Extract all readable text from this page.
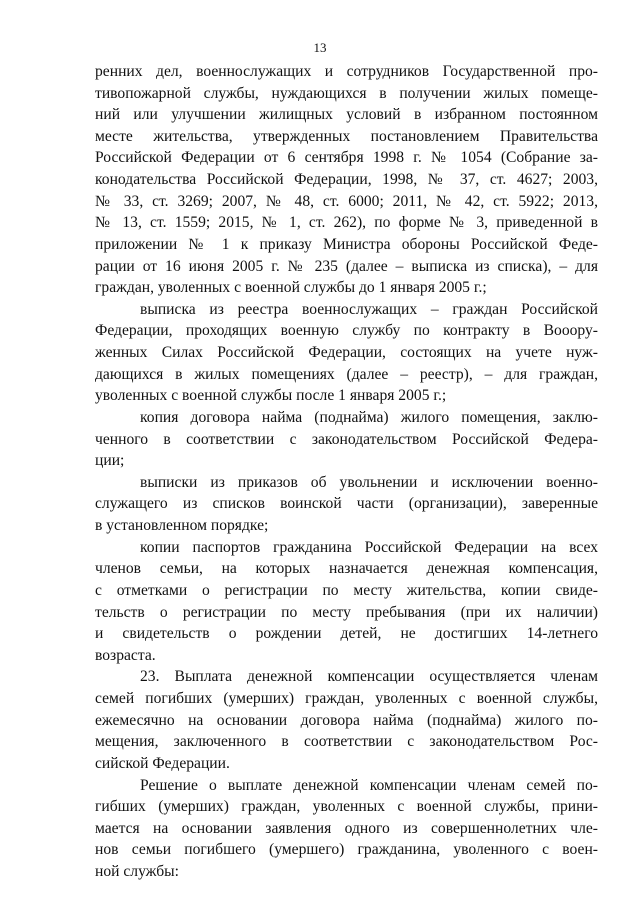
13
ренних дел, военнослужащих и сотрудников Государственной про-
тивопожарной службы, нуждающихся в получении жилых помеще-
ний или улучшении жилищных условий в избранном постоянном
месте жительства, утвержденных постановлением Правительства
Российской Федерации от 6 сентября 1998 г. № 1054 (Собрание за-
конодательства Российской Федерации, 1998, № 37, ст. 4627; 2003,
№ 33, ст. 3269; 2007, № 48, ст. 6000; 2011, № 42, ст. 5922; 2013,
№ 13, ст. 1559; 2015, № 1, ст. 262), по форме № 3, приведенной в
приложении № 1 к приказу Министра обороны Российской Феде-
рации от 16 июня 2005 г. № 235 (далее – выписка из списка), – для
граждан, уволенных с военной службы до 1 января 2005 г.;
выписка из реестра военнослужащих – граждан Российской
Федерации, проходящих военную службу по контракту в Вооору-
женных Силах Российской Федерации, состоящих на учете нуж-
дающихся в жилых помещениях (далее – реестр), – для граждан,
уволенных с военной службы после 1 января 2005 г.;
копия договора найма (поднайма) жилого помещения, заклю-
ченного в соответствии с законодательством Российской Федера-
ции;
выписки из приказов об увольнении и исключении военно-
служащего из списков воинской части (организации), заверенные
в установленном порядке;
копии паспортов гражданина Российской Федерации на всех
членов семьи, на которых назначается денежная компенсация,
с отметками о регистрации по месту жительства, копии свиде-
тельств о регистрации по месту пребывания (при их наличии)
и свидетельств о рождении детей, не достигших 14-летнего
возраста.
23. Выплата денежной компенсации осуществляется членам
семей погибших (умерших) граждан, уволенных с военной службы,
ежемесячно на основании договора найма (поднайма) жилого по-
мещения, заключенного в соответствии с законодательством Рос-
сийской Федерации.
Решение о выплате денежной компенсации членам семей по-
гибших (умерших) граждан, уволенных с военной службы, прини-
мается на основании заявления одного из совершеннолетних чле-
нов семьи погибшего (умершего) гражданина, уволенного с воен-
ной службы:
